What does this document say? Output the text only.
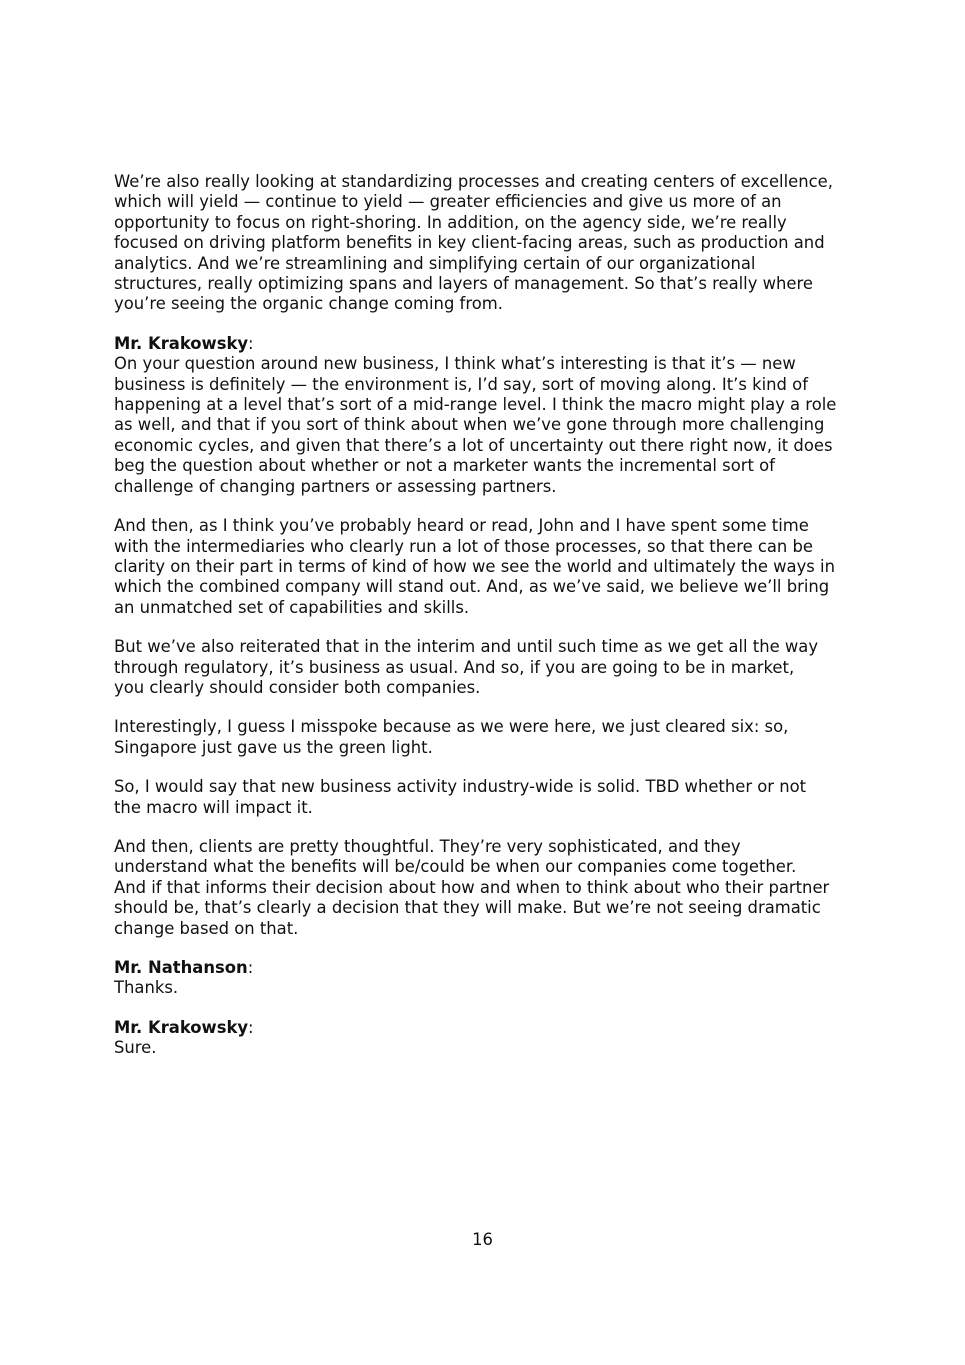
We’re also really looking at standardizing processes and creating centers of excellence,
which will yield — continue to yield — greater efficiencies and give us more of an
opportunity to focus on right-shoring. In addition, on the agency side, we’re really
focused on driving platform benefits in key client-facing areas, such as production and
analytics. And we’re streamlining and simplifying certain of our organizational
structures, really optimizing spans and layers of management. So that’s really where
you’re seeing the organic change coming from.

Mr. Krakowsky:
On your question around new business, I think what’s interesting is that it’s — new
business is definitely — the environment is, I’d say, sort of moving along. It’s kind of
happening at a level that’s sort of a mid-range level. I think the macro might play a role
as well, and that if you sort of think about when we’ve gone through more challenging
economic cycles, and given that there’s a lot of uncertainty out there right now, it does
beg the question about whether or not a marketer wants the incremental sort of
challenge of changing partners or assessing partners.

And then, as I think you’ve probably heard or read, John and I have spent some time
with the intermediaries who clearly run a lot of those processes, so that there can be
clarity on their part in terms of kind of how we see the world and ultimately the ways in
which the combined company will stand out. And, as we’ve said, we believe we’ll bring
an unmatched set of capabilities and skills.

But we’ve also reiterated that in the interim and until such time as we get all the way
through regulatory, it’s business as usual. And so, if you are going to be in market,
you clearly should consider both companies.

Interestingly, I guess I misspoke because as we were here, we just cleared six: so,
Singapore just gave us the green light.

So, I would say that new business activity industry-wide is solid. TBD whether or not
the macro will impact it.

And then, clients are pretty thoughtful. They’re very sophisticated, and they
understand what the benefits will be/could be when our companies come together.
And if that informs their decision about how and when to think about who their partner
should be, that’s clearly a decision that they will make. But we’re not seeing dramatic
change based on that.

Mr. Nathanson:
Thanks.
Mr. Krakowsky:
Sure.
16
